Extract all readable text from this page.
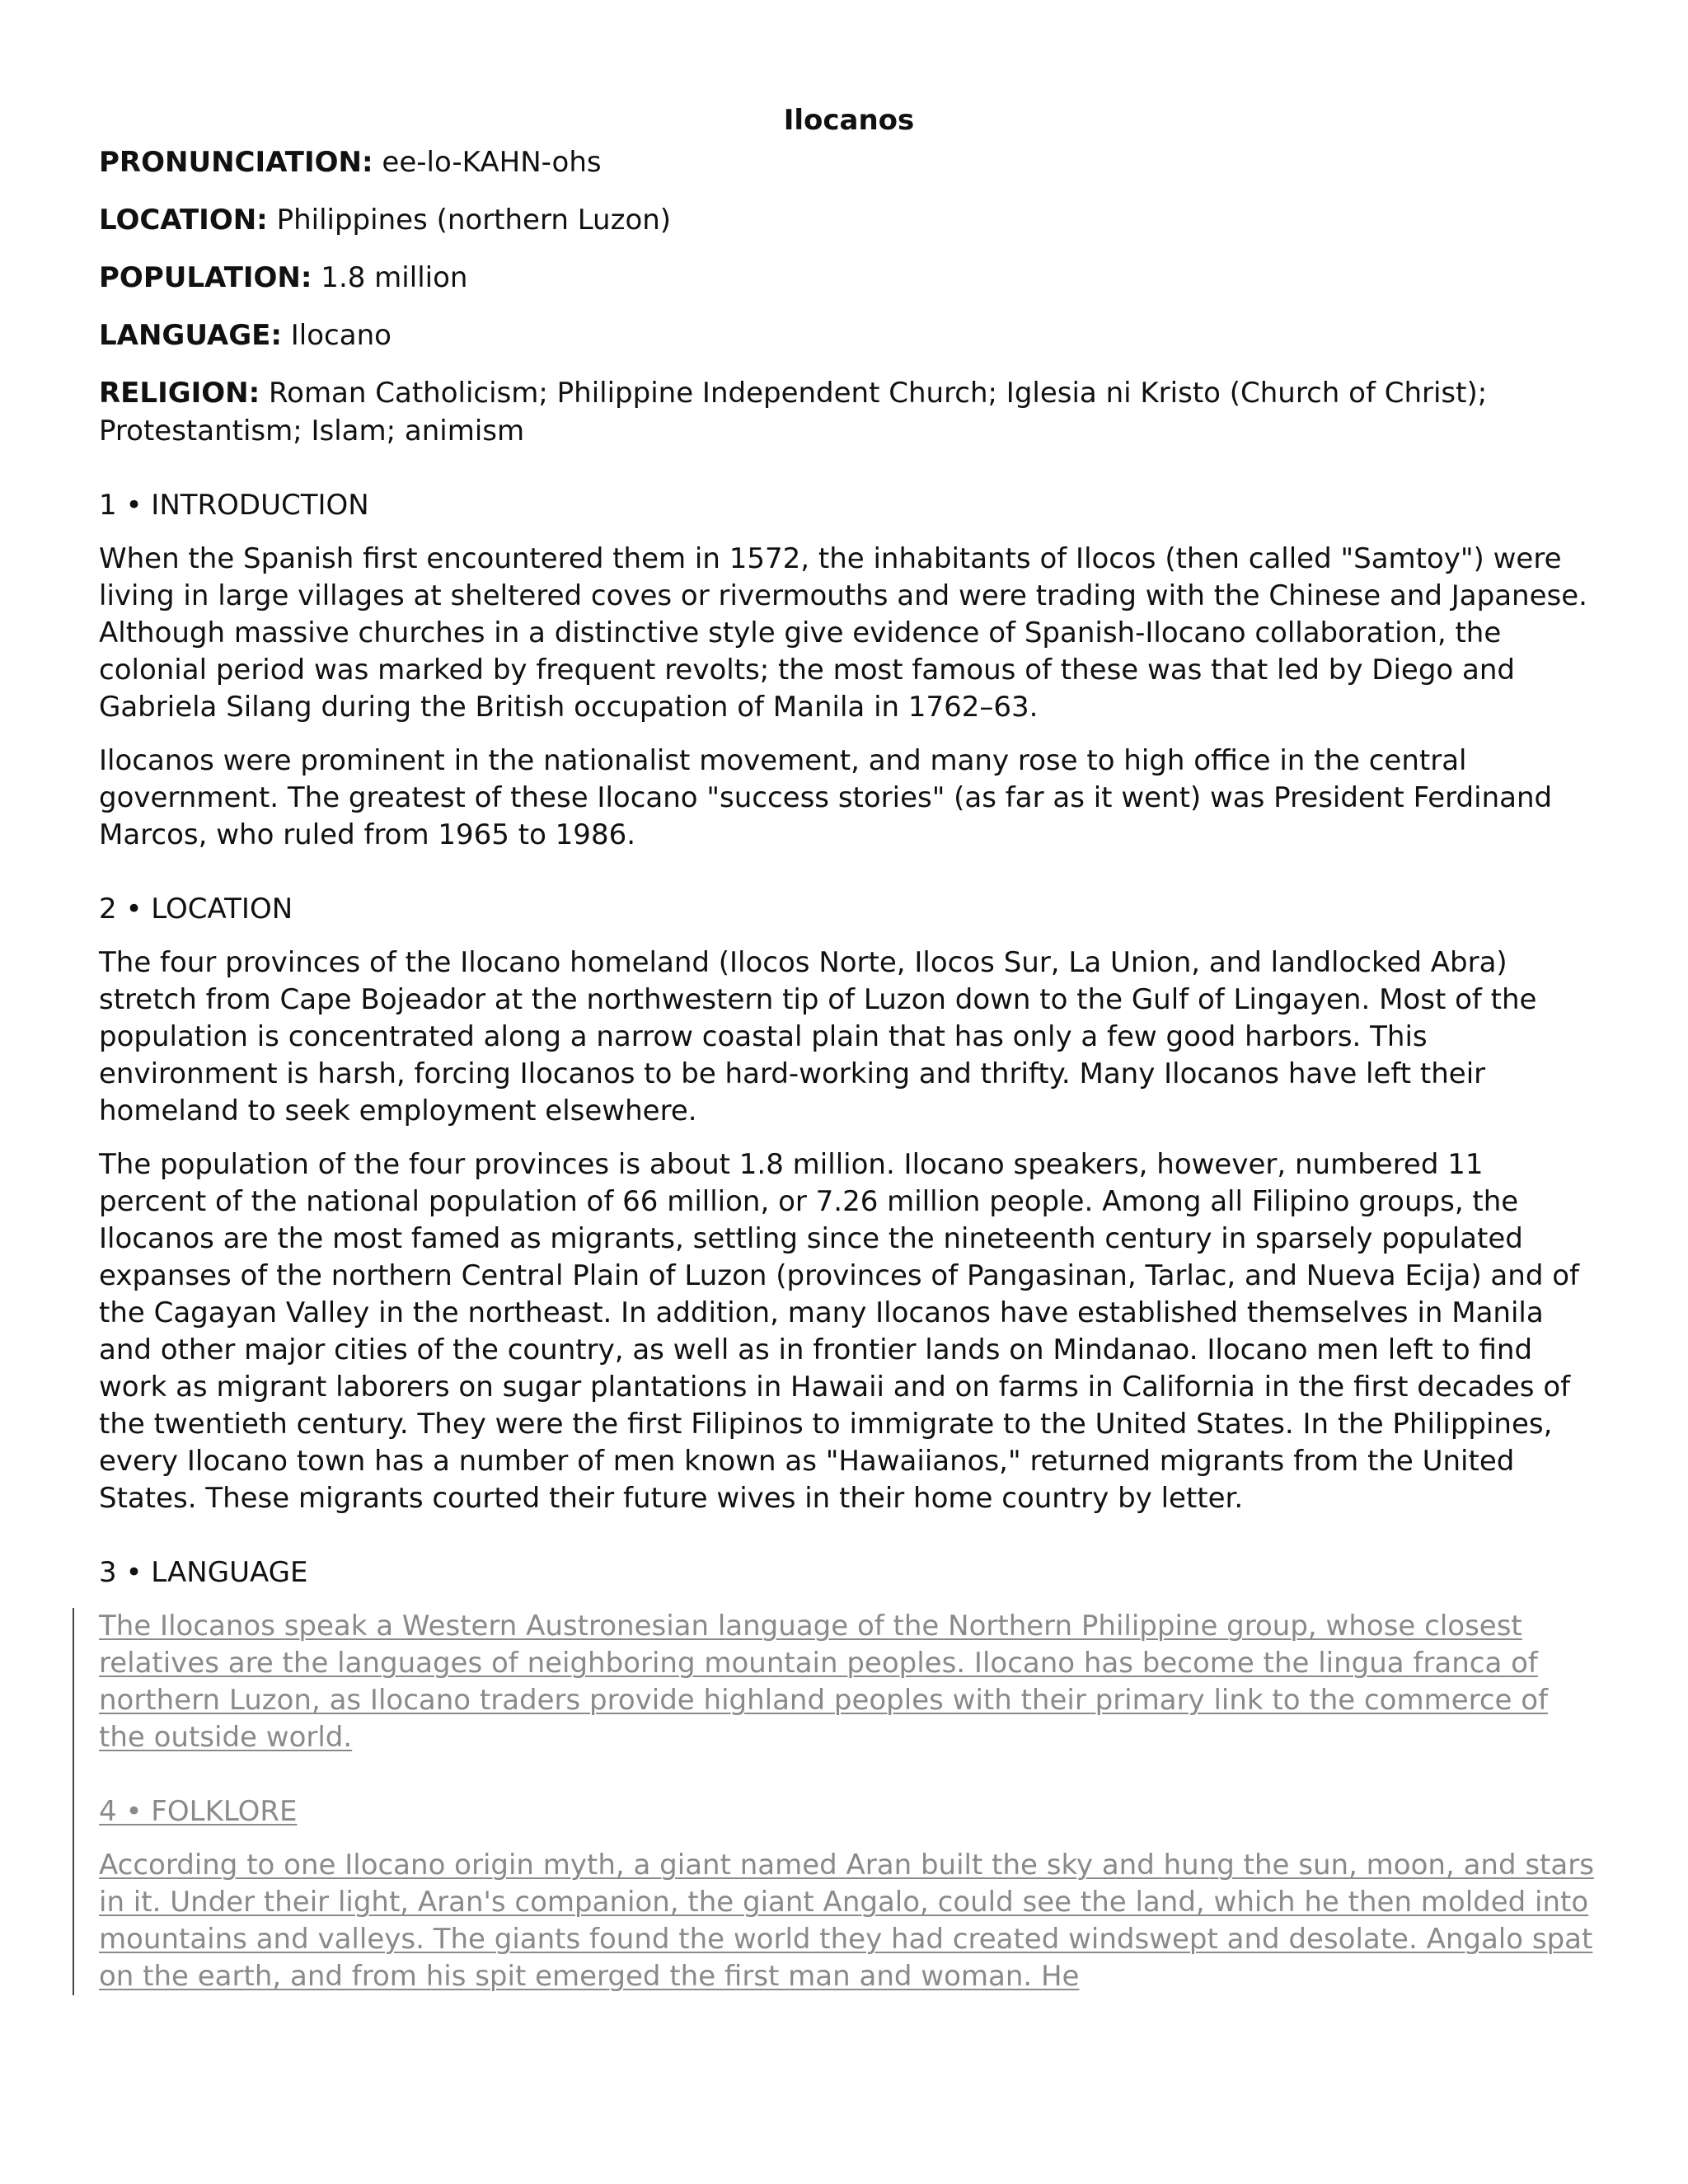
Ilocanos
PRONUNCIATION: ee-lo-KAHN-ohs
LOCATION: Philippines (northern Luzon)
POPULATION: 1.8 million
LANGUAGE: Ilocano
RELIGION: Roman Catholicism; Philippine Independent Church; Iglesia ni Kristo (Church of Christ); Protestantism; Islam; animism
1 • INTRODUCTION

When the Spanish first encountered them in 1572, the inhabitants of Ilocos (then called "Samtoy") were living in large villages at sheltered coves or rivermouths and were trading with the Chinese and Japanese. Although massive churches in a distinctive style give evidence of Spanish-Ilocano collaboration, the colonial period was marked by frequent revolts; the most famous of these was that led by Diego and Gabriela Silang during the British occupation of Manila in 1762–63.

Ilocanos were prominent in the nationalist movement, and many rose to high office in the central government. The greatest of these Ilocano "success stories" (as far as it went) was President Ferdinand Marcos, who ruled from 1965 to 1986.

2 • LOCATION

The four provinces of the Ilocano homeland (Ilocos Norte, Ilocos Sur, La Union, and landlocked Abra) stretch from Cape Bojeador at the northwestern tip of Luzon down to the Gulf of Lingayen. Most of the population is concentrated along a narrow coastal plain that has only a few good harbors. This environment is harsh, forcing Ilocanos to be hard-working and thrifty. Many Ilocanos have left their homeland to seek employment elsewhere.

The population of the four provinces is about 1.8 million. Ilocano speakers, however, numbered 11 percent of the national population of 66 million, or 7.26 million people. Among all Filipino groups, the Ilocanos are the most famed as migrants, settling since the nineteenth century in sparsely populated expanses of the northern Central Plain of Luzon (provinces of Pangasinan, Tarlac, and Nueva Ecija) and of the Cagayan Valley in the northeast. In addition, many Ilocanos have established themselves in Manila and other major cities of the country, as well as in frontier lands on Mindanao. Ilocano men left to find work as migrant laborers on sugar plantations in Hawaii and on farms in California in the first decades of the twentieth century. They were the first Filipinos to immigrate to the United States. In the Philippines, every Ilocano town has a number of men known as "Hawaiianos," returned migrants from the United States. These migrants courted their future wives in their home country by letter.

3 • LANGUAGE

The Ilocanos speak a Western Austronesian language of the Northern Philippine group, whose closest relatives are the languages of neighboring mountain peoples. Ilocano has become the lingua franca of northern Luzon, as Ilocano traders provide highland peoples with their primary link to the commerce of the outside world.

4 • FOLKLORE

According to one Ilocano origin myth, a giant named Aran built the sky and hung the sun, moon, and stars in it. Under their light, Aran's companion, the giant Angalo, could see the land, which he then molded into mountains and valleys. The giants found the world they had created windswept and desolate. Angalo spat on the earth, and from his spit emerged the first man and woman. He
